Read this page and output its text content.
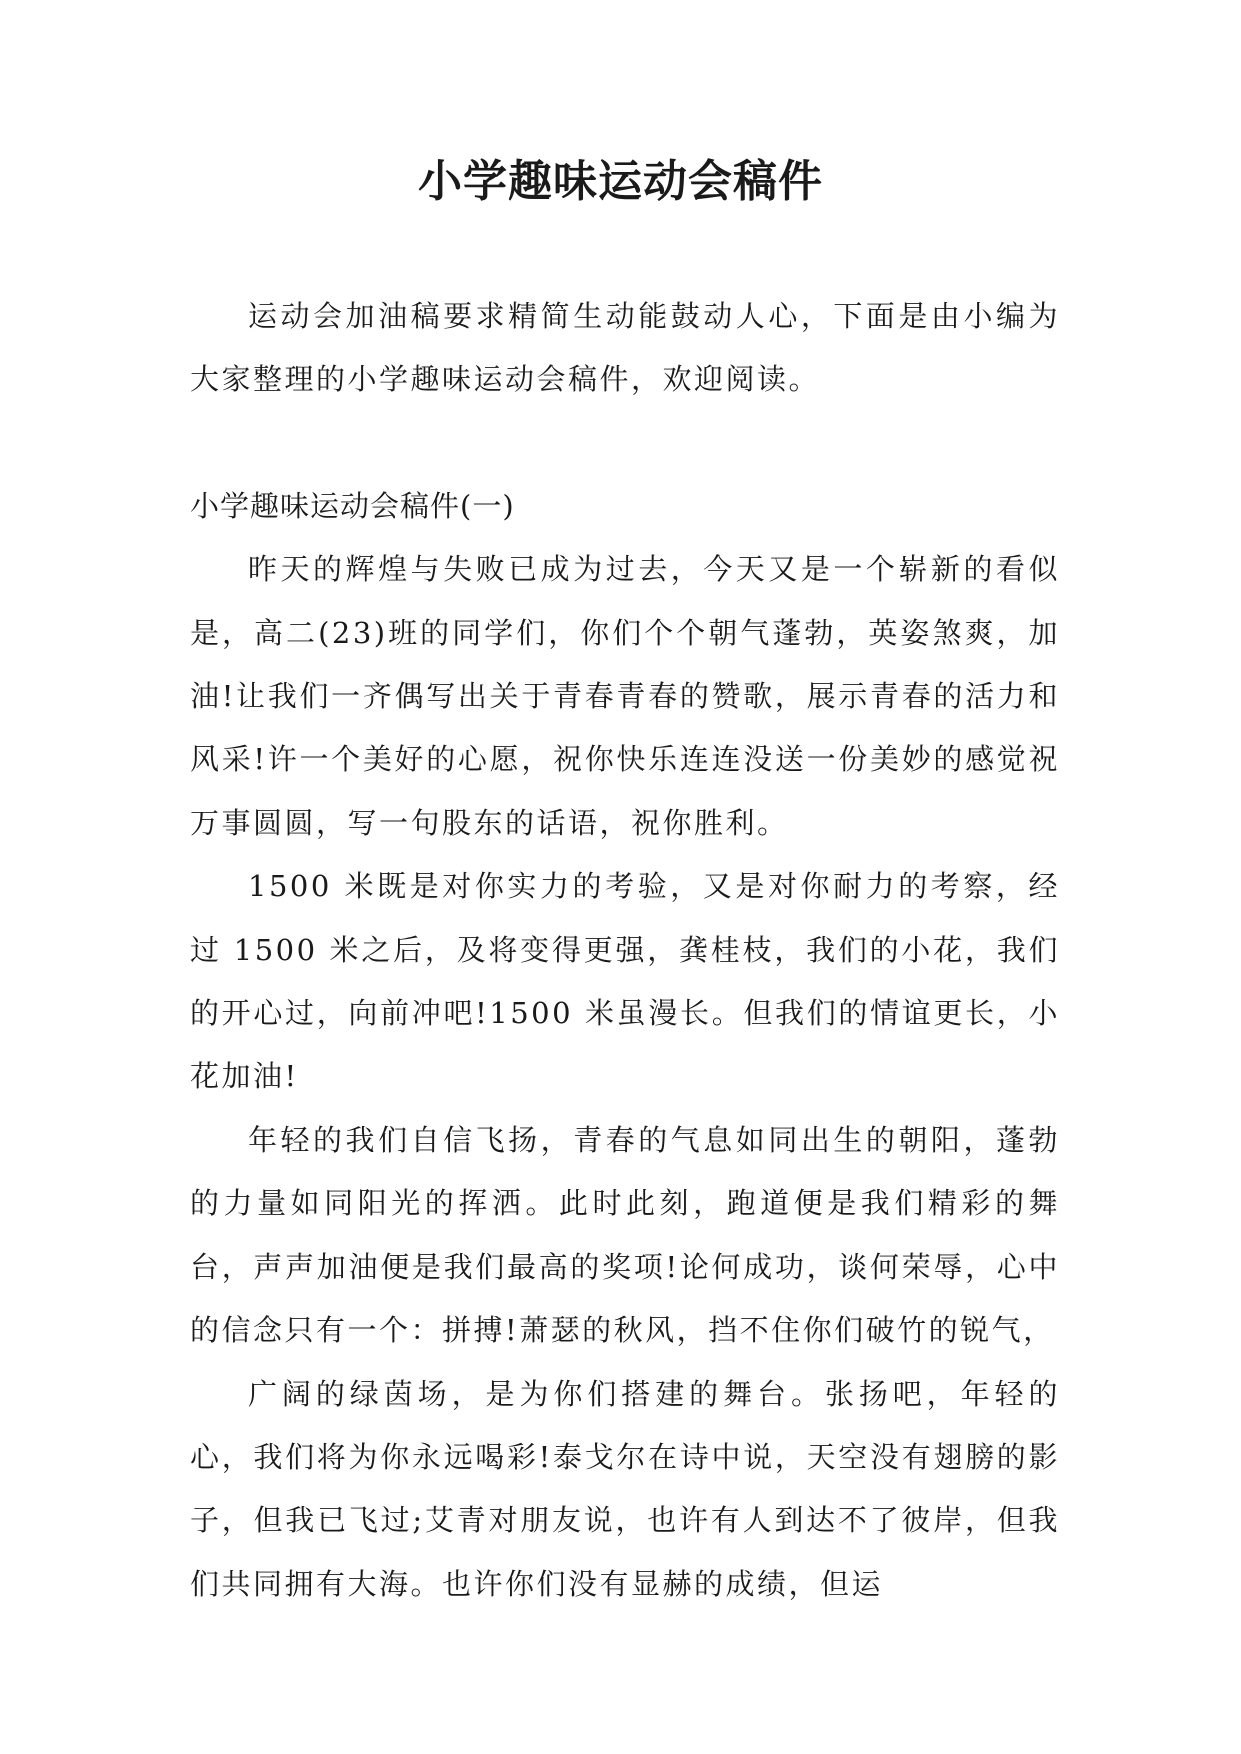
小学趣味运动会稿件

运动会加油稿要求精简生动能鼓动人心，下面是由小编为大家整理的小学趣味运动会稿件，欢迎阅读。

小学趣味运动会稿件(一)

昨天的辉煌与失败已成为过去，今天又是一个崭新的看似是，高二(23)班的同学们，你们个个朝气蓬勃，英姿煞爽，加油!让我们一齐偶写出关于青春青春的赞歌，展示青春的活力和风采!许一个美好的心愿，祝你快乐连连没送一份美妙的感觉祝万事圆圆，写一句股东的话语，祝你胜利。

1500 米既是对你实力的考验，又是对你耐力的考察，经过 1500 米之后，及将变得更强，龚桂枝，我们的小花，我们的开心过，向前冲吧!1500 米虽漫长。但我们的情谊更长，小花加油!

年轻的我们自信飞扬，青春的气息如同出生的朝阳，蓬勃的力量如同阳光的挥洒。此时此刻，跑道便是我们精彩的舞台，声声加油便是我们最高的奖项!论何成功，谈何荣辱，心中的信念只有一个：拼搏!萧瑟的秋风，挡不住你们破竹的锐气，

广阔的绿茵场，是为你们搭建的舞台。张扬吧，年轻的心，我们将为你永远喝彩!泰戈尔在诗中说，天空没有翅膀的影子，但我已飞过;艾青对朋友说，也许有人到达不了彼岸，但我们共同拥有大海。也许你们没有显赫的成绩，但运
